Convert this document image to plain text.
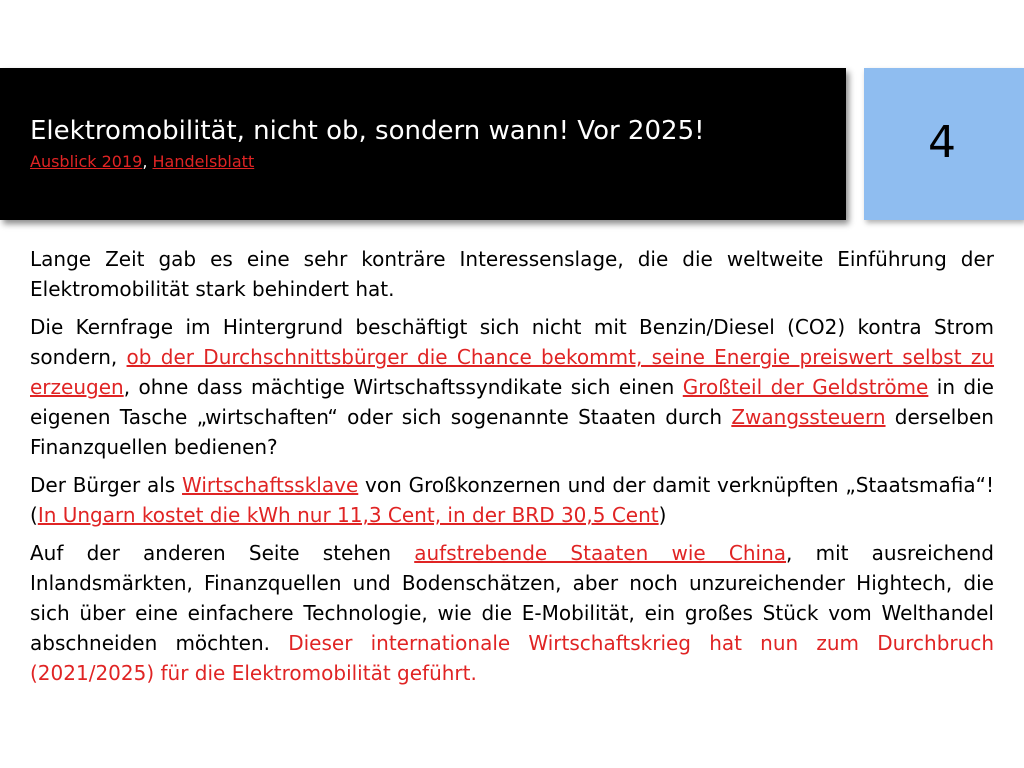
Elektromobilität, nicht ob, sondern wann! Vor 2025!
Ausblick 2019, Handelsblatt	4

Lange Zeit gab es eine sehr konträre Interessenslage, die die weltweite Einführung der Elektromobilität stark behindert hat.

Die Kernfrage im Hintergrund beschäftigt sich nicht mit Benzin/Diesel (CO2) kontra Strom sondern, ob der Durchschnittsbürger die Chance bekommt, seine Energie preiswert selbst zu erzeugen, ohne dass mächtige Wirtschaftssyndikate sich einen Großteil der Geldströme in die eigenen Tasche „wirtschaften“ oder sich sogenannte Staaten durch Zwangssteuern derselben Finanzquellen bedienen?

Der Bürger als Wirtschaftssklave von Großkonzernen und der damit verknüpften „Staatsmafia“! (In Ungarn kostet die kWh nur 11,3 Cent, in der BRD 30,5 Cent)

Auf der anderen Seite stehen aufstrebende Staaten wie China, mit ausreichend Inlandsmärkten, Finanzquellen und Bodenschätzen, aber noch unzureichender Hightech, die sich über eine einfachere Technologie, wie die E-Mobilität, ein großes Stück vom Welthandel abschneiden möchten. Dieser internationale Wirtschaftskrieg hat nun zum Durchbruch (2021/2025) für die Elektromobilität geführt.
